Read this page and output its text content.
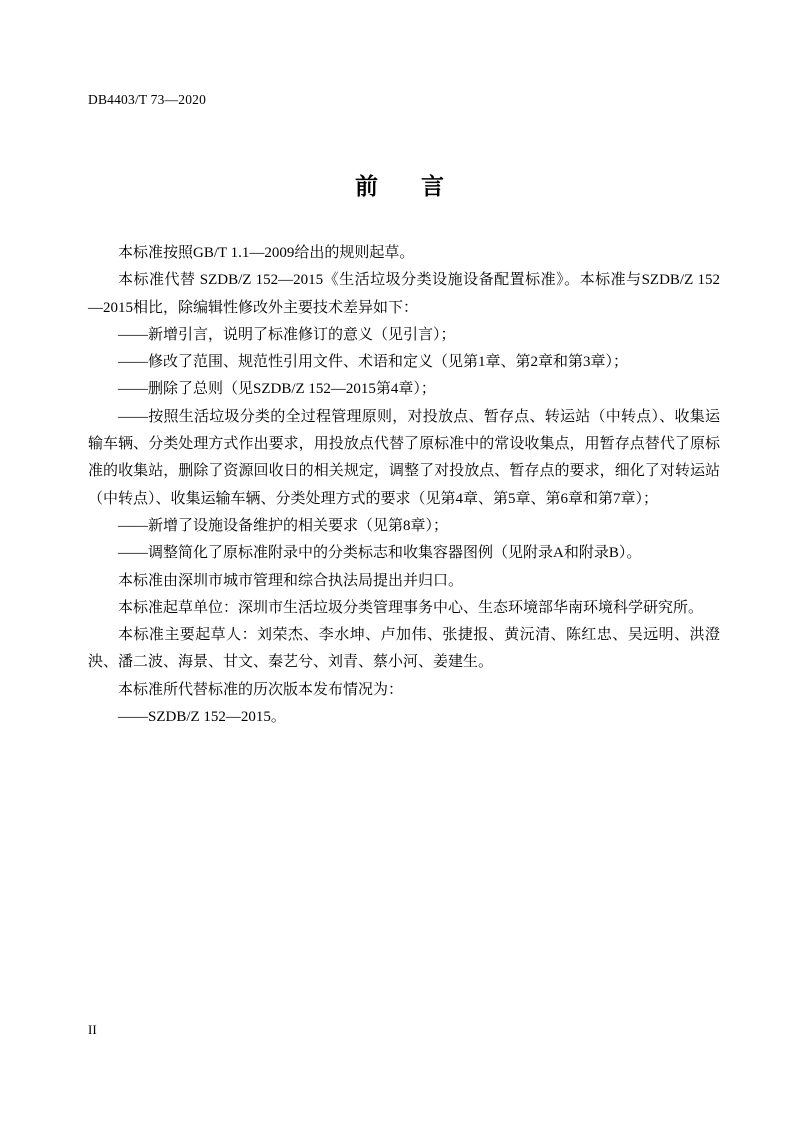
DB4403/T 73—2020
前 言

本标准按照GB/T 1.1—2009给出的规则起草。

本标准代替 SZDB/Z 152—2015《生活垃圾分类设施设备配置标准》。本标准与SZDB/Z 152—2015相比，除编辑性修改外主要技术差异如下：

——新增引言，说明了标准修订的意义（见引言）；

——修改了范围、规范性引用文件、术语和定义（见第1章、第2章和第3章）；

——删除了总则（见SZDB/Z 152—2015第4章）；

——按照生活垃圾分类的全过程管理原则，对投放点、暂存点、转运站（中转点）、收集运输车辆、分类处理方式作出要求，用投放点代替了原标准中的常设收集点，用暂存点替代了原标准的收集站，删除了资源回收日的相关规定，调整了对投放点、暂存点的要求，细化了对转运站（中转点）、收集运输车辆、分类处理方式的要求（见第4章、第5章、第6章和第7章）；

——新增了设施设备维护的相关要求（见第8章）；

——调整简化了原标准附录中的分类标志和收集容器图例（见附录A和附录B）。

本标准由深圳市城市管理和综合执法局提出并归口。

本标准起草单位：深圳市生活垃圾分类管理事务中心、生态环境部华南环境科学研究所。

本标准主要起草人：刘荣杰、李水坤、卢加伟、张捷报、黄沅清、陈红忠、吴远明、洪澄泱、潘二波、海景、甘文、秦艺兮、刘青、蔡小河、姜建生。

本标准所代替标准的历次版本发布情况为：

——SZDB/Z 152—2015。

II
